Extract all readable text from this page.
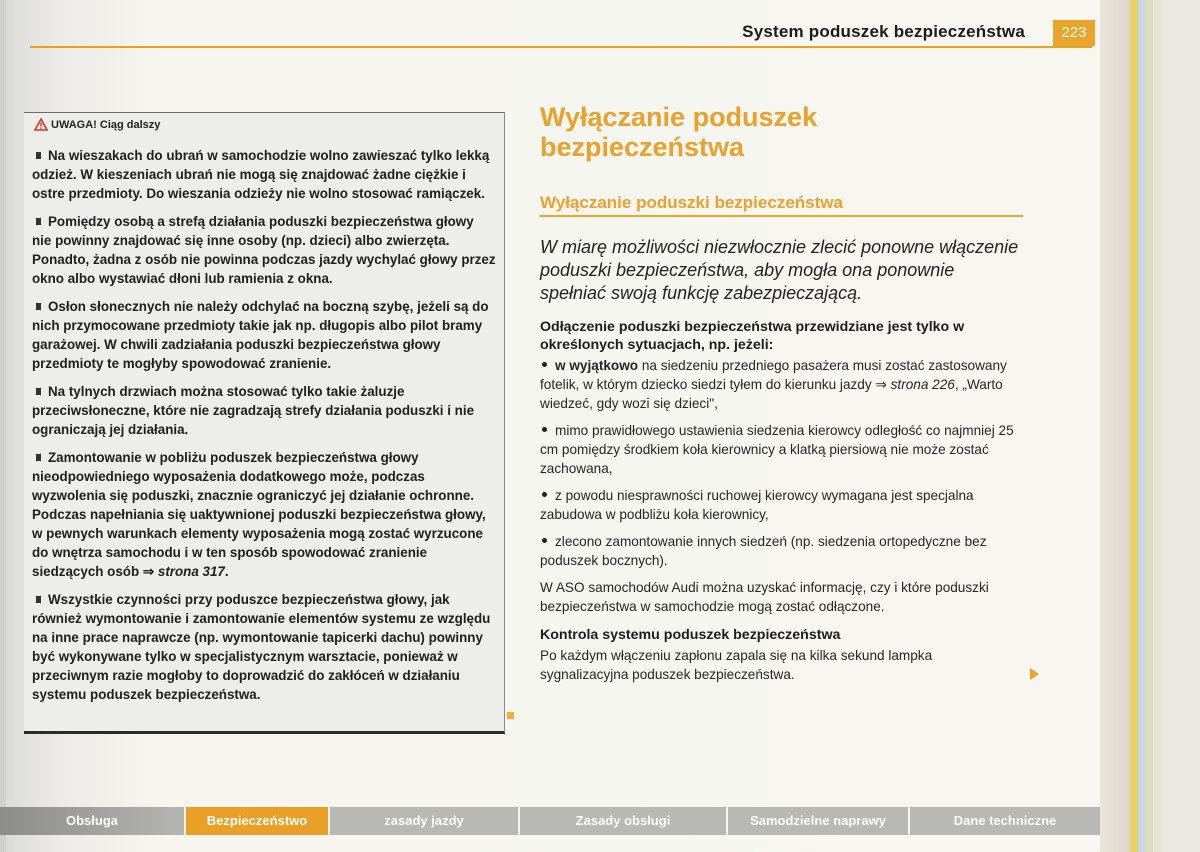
System poduszek bezpieczeństwa	223
UWAGA! Ciąg dalszy
Na wieszakach do ubrań w samochodzie wolno zawieszać tylko lekką odzież. W kieszeniach ubrań nie mogą się znajdować żadne ciężkie i ostre przedmioty. Do wieszania odzieży nie wolno stosować ramiączek.
Pomiędzy osobą a strefą działania poduszki bezpieczeństwa głowy nie powinny znajdować się inne osoby (np. dzieci) albo zwierzęta. Ponadto, żadna z osób nie powinna podczas jazdy wychylać głowy przez okno albo wystawiać dłoni lub ramienia z okna.
Osłon słonecznych nie należy odchylać na boczną szybę, jeżeli są do nich przymocowane przedmioty takie jak np. długopis albo pilot bramy garażowej. W chwili zadziałania poduszki bezpieczeństwa głowy przedmioty te mogłyby spowodować zranienie.
Na tylnych drzwiach można stosować tylko takie żaluzje przeciwsłoneczne, które nie zagradzają strefy działania poduszki i nie ograniczają jej działania.
Zamontowanie w pobliżu poduszek bezpieczeństwa głowy nieodpowiedniego wyposażenia dodatkowego może, podczas wyzwolenia się poduszki, znacznie ograniczyć jej działanie ochronne. Podczas napełniania się uaktywnionej poduszki bezpieczeństwa głowy, w pewnych warunkach elementy wyposażenia mogą zostać wyrzucone do wnętrza samochodu i w ten sposób spowodować zranienie siedzących osób ⇒ strona 317.
Wszystkie czynności przy poduszce bezpieczeństwa głowy, jak również wymontowanie i zamontowanie elementów systemu ze względu na inne prace naprawcze (np. wymontowanie tapicerki dachu) powinny być wykonywane tylko w specjalistycznym warsztacie, ponieważ w przeciwnym razie mogłoby to doprowadzić do zakłóceń w działaniu systemu poduszek bezpieczeństwa.
Wyłączanie poduszek bezpieczeństwa
Wyłączanie poduszki bezpieczeństwa
W miarę możliwości niezwłocznie zlecić ponowne włączenie poduszki bezpieczeństwa, aby mogła ona ponownie spełniać swoją funkcję zabezpieczającą.
Odłączenie poduszki bezpieczeństwa przewidziane jest tylko w określonych sytuacjach, np. jeżeli:
w wyjątkowo na siedzeniu przedniego pasażera musi zostać zastosowany fotelik, w którym dziecko siedzi tyłem do kierunku jazdy ⇒ strona 226, „Warto wiedzeć, gdy wozi się dzieci",
mimo prawidłowego ustawienia siedzenia kierowcy odległość co najmniej 25 cm pomiędzy środkiem koła kierownicy a klatką piersiową nie może zostać zachowana,
z powodu niesprawności ruchowej kierowcy wymagana jest specjalna zabudowa w podbliżu koła kierownicy,
zlecono zamontowanie innych siedzeń (np. siedzenia ortopedyczne bez poduszek bocznych).
W ASO samochodów Audi można uzyskać informację, czy i które poduszki bezpieczeństwa w samochodzie mogą zostać odłączone.
Kontrola systemu poduszek bezpieczeństwa
Po każdym włączeniu zapłonu zapala się na kilka sekund lampka sygnalizacyjna poduszek bezpieczeństwa.
Obsługa	Bezpieczeństwo	zasady jazdy	Zasady obsługi	Samodzielne naprawy	Dane techniczne
